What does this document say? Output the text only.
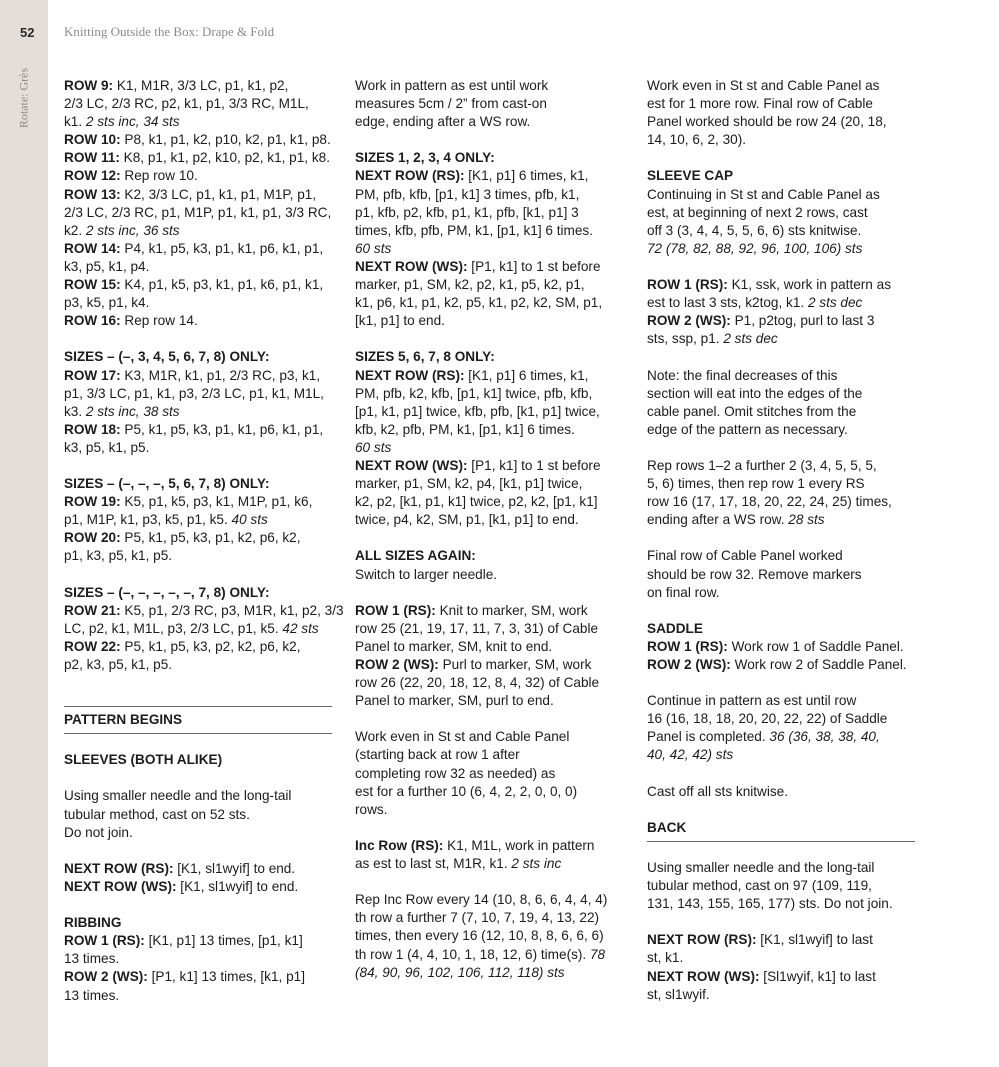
52 Knitting Outside the Box: Drape & Fold
Rotate: Grès ROW 9: K1, M1R, 3/3 LC, p1, k1, p2,
2/3 LC, 2/3 RC, p2, k1, p1, 3/3 RC, M1L,
k1. 2 sts inc, 34 sts
ROW 10: P8, k1, p1, k2, p10, k2, p1, k1, p8.
ROW 11: K8, p1, k1, p2, k10, p2, k1, p1, k8.
ROW 12: Rep row 10.
ROW 13: K2, 3/3 LC, p1, k1, p1, M1P, p1,
2/3 LC, 2/3 RC, p1, M1P, p1, k1, p1, 3/3 RC,
k2. 2 sts inc, 36 sts
ROW 14: P4, k1, p5, k3, p1, k1, p6, k1, p1,
k3, p5, k1, p4.
ROW 15: K4, p1, k5, p3, k1, p1, k6, p1, k1,
p3, k5, p1, k4.
ROW 16: Rep row 14.
SIZES – (–, 3, 4, 5, 6, 7, 8) ONLY:
ROW 17: K3, M1R, k1, p1, 2/3 RC, p3, k1,
p1, 3/3 LC, p1, k1, p3, 2/3 LC, p1, k1, M1L,
k3. 2 sts inc, 38 sts
ROW 18: P5, k1, p5, k3, p1, k1, p6, k1, p1,
k3, p5, k1, p5.
SIZES – (–, –, –, 5, 6, 7, 8) ONLY:
ROW 19: K5, p1, k5, p3, k1, M1P, p1, k6,
p1, M1P, k1, p3, k5, p1, k5. 40 sts
ROW 20: P5, k1, p5, k3, p1, k2, p6, k2,
p1, k3, p5, k1, p5.
SIZES – (–, –, –, –, –, 7, 8) ONLY:
ROW 21: K5, p1, 2/3 RC, p3, M1R, k1, p2, 3/3
LC, p2, k1, M1L, p3, 2/3 LC, p1, k5. 42 sts
ROW 22: P5, k1, p5, k3, p2, k2, p6, k2,
p2, k3, p5, k1, p5.
PATTERN BEGINS
SLEEVES (BOTH ALIKE)
Using smaller needle and the long-tail
tubular method, cast on 52 sts.
Do not join.
NEXT ROW (RS): [K1, sl1wyif] to end.
NEXT ROW (WS): [K1, sl1wyif] to end.
RIBBING
ROW 1 (RS): [K1, p1] 13 times, [p1, k1]
13 times.
ROW 2 (WS): [P1, k1] 13 times, [k1, p1]
13 times.
Work in pattern as est until work
measures 5cm / 2” from cast-on
edge, ending after a WS row.
SIZES 1, 2, 3, 4 ONLY:
NEXT ROW (RS): [K1, p1] 6 times, k1,
PM, pfb, kfb, [p1, k1] 3 times, pfb, k1,
p1, kfb, p2, kfb, p1, k1, pfb, [k1, p1] 3
times, kfb, pfb, PM, k1, [p1, k1] 6 times.
60 sts
NEXT ROW (WS): [P1, k1] to 1 st before
marker, p1, SM, k2, p2, k1, p5, k2, p1,
k1, p6, k1, p1, k2, p5, k1, p2, k2, SM, p1,
[k1, p1] to end.
SIZES 5, 6, 7, 8 ONLY:
NEXT ROW (RS): [K1, p1] 6 times, k1,
PM, pfb, k2, kfb, [p1, k1] twice, pfb, kfb,
[p1, k1, p1] twice, kfb, pfb, [k1, p1] twice,
kfb, k2, pfb, PM, k1, [p1, k1] 6 times.
60 sts
NEXT ROW (WS): [P1, k1] to 1 st before
marker, p1, SM, k2, p4, [k1, p1] twice,
k2, p2, [k1, p1, k1] twice, p2, k2, [p1, k1]
twice, p4, k2, SM, p1, [k1, p1] to end.
ALL SIZES AGAIN:
Switch to larger needle.
ROW 1 (RS): Knit to marker, SM, work
row 25 (21, 19, 17, 11, 7, 3, 31) of Cable
Panel to marker, SM, knit to end.
ROW 2 (WS): Purl to marker, SM, work
row 26 (22, 20, 18, 12, 8, 4, 32) of Cable
Panel to marker, SM, purl to end.
Work even in St st and Cable Panel
(starting back at row 1 after
completing row 32 as needed) as
est for a further 10 (6, 4, 2, 2, 0, 0, 0)
rows.
Inc Row (RS): K1, M1L, work in pattern
as est to last st, M1R, k1. 2 sts inc
Rep Inc Row every 14 (10, 8, 6, 6, 4, 4, 4)
th row a further 7 (7, 10, 7, 19, 4, 13, 22)
times, then every 16 (12, 10, 8, 8, 6, 6, 6)
th row 1 (4, 4, 10, 1, 18, 12, 6) time(s). 78
(84, 90, 96, 102, 106, 112, 118) sts
Work even in St st and Cable Panel as
est for 1 more row. Final row of Cable
Panel worked should be row 24 (20, 18,
14, 10, 6, 2, 30).
SLEEVE CAP
Continuing in St st and Cable Panel as
est, at beginning of next 2 rows, cast
off 3 (3, 4, 4, 5, 5, 6, 6) sts knitwise.
72 (78, 82, 88, 92, 96, 100, 106) sts
ROW 1 (RS): K1, ssk, work in pattern as
est to last 3 sts, k2tog, k1. 2 sts dec
ROW 2 (WS): P1, p2tog, purl to last 3
sts, ssp, p1. 2 sts dec
Note: the final decreases of this
section will eat into the edges of the
cable panel. Omit stitches from the
edge of the pattern as necessary.
Rep rows 1–2 a further 2 (3, 4, 5, 5, 5,
5, 6) times, then rep row 1 every RS
row 16 (17, 17, 18, 20, 22, 24, 25) times,
ending after a WS row. 28 sts
Final row of Cable Panel worked
should be row 32. Remove markers
on final row.
SADDLE
ROW 1 (RS): Work row 1 of Saddle Panel.
ROW 2 (WS): Work row 2 of Saddle Panel.
Continue in pattern as est until row
16 (16, 18, 18, 20, 20, 22, 22) of Saddle
Panel is completed. 36 (36, 38, 38, 40,
40, 42, 42) sts
Cast off all sts knitwise.
BACK
Using smaller needle and the long-tail
tubular method, cast on 97 (109, 119,
131, 143, 155, 165, 177) sts. Do not join.
NEXT ROW (RS): [K1, sl1wyif] to last
st, k1.
NEXT ROW (WS): [Sl1wyif, k1] to last
st, sl1wyif.
